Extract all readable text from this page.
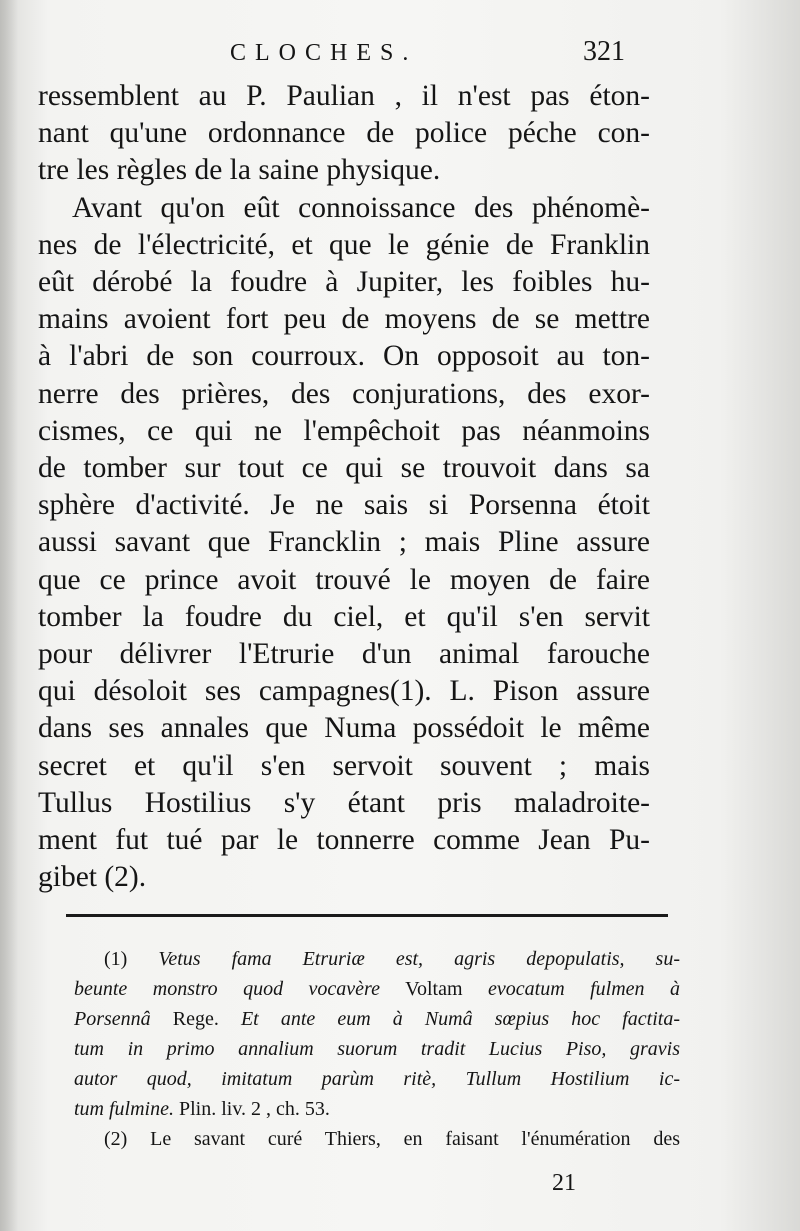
CLOCHES.	321
ressemblent au P. Paulian , il n'est pas éton-
nant qu'une ordonnance de police péche con-
tre les règles de la saine physique.
Avant qu'on eût connoissance des phénomè-
nes de l'électricité, et que le génie de Franklin
eût dérobé la foudre à Jupiter, les foibles hu-
mains avoient fort peu de moyens de se mettre
à l'abri de son courroux. On opposoit au ton-
nerre des prières, des conjurations, des exor-
cismes, ce qui ne l'empêchoit pas néanmoins
de tomber sur tout ce qui se trouvoit dans sa
sphère d'activité. Je ne sais si Porsenna étoit
aussi savant que Francklin ; mais Pline assure
que ce prince avoit trouvé le moyen de faire
tomber la foudre du ciel, et qu'il s'en servit
pour délivrer l'Etrurie d'un animal farouche
qui désoloit ses campagnes(1). L. Pison assure
dans ses annales que Numa possédoit le même
secret et qu'il s'en servoit souvent ; mais
Tullus Hostilius s'y étant pris maladroite-
ment fut tué par le tonnerre comme Jean Pu-
gibet (2).
(1) Vetus fama Etruriæ est, agris depopulatis, su-
beunte monstro quod vocavère Voltam evocatum fulmen à
Porsennâ Rege. Et ante eum à Numâ sœpius hoc factita-
tum in primo annalium suorum tradit Lucius Piso, gravis
autor quod, imitatum parùm ritè, Tullum Hostilium ic-
tum fulmine. Plin. liv. 2 , ch. 53.
(2) Le savant curé Thiers, en faisant l'énumération des
21
